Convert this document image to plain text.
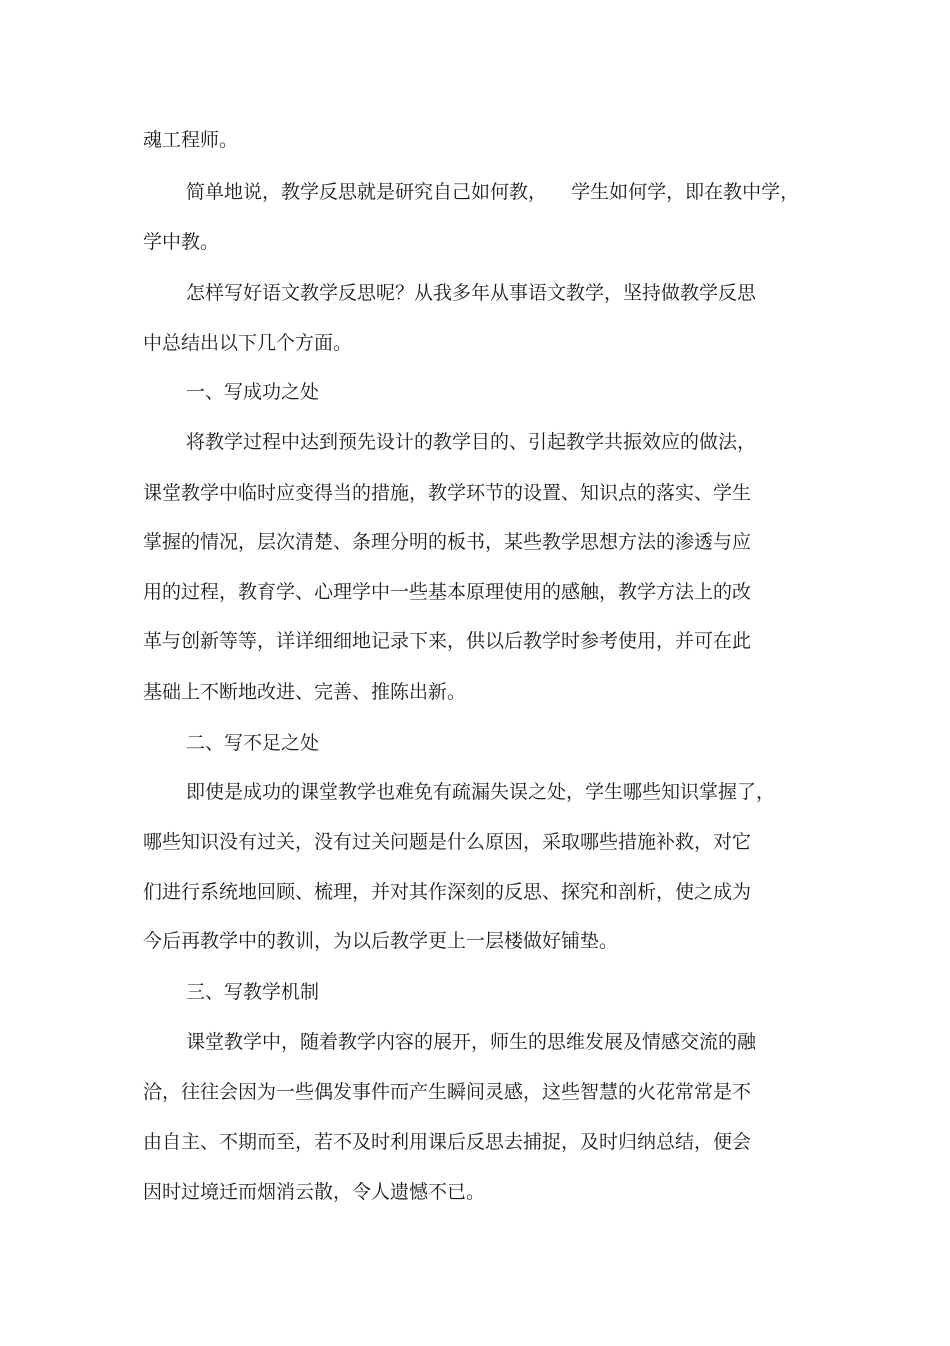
魂工程师。
简单地说，教学反思就是研究自己如何教，    学生如何学，即在教中学，
学中教。
怎样写好语文教学反思呢？从我多年从事语文教学，坚持做教学反思
中总结出以下几个方面。
一、写成功之处
将教学过程中达到预先设计的教学目的、引起教学共振效应的做法，
课堂教学中临时应变得当的措施，教学环节的设置、知识点的落实、学生
掌握的情况，层次清楚、条理分明的板书，某些教学思想方法的渗透与应
用的过程，教育学、心理学中一些基本原理使用的感触，教学方法上的改
革与创新等等，详详细细地记录下来，供以后教学时参考使用，并可在此
基础上不断地改进、完善、推陈出新。
二、写不足之处
即使是成功的课堂教学也难免有疏漏失误之处，学生哪些知识掌握了，
哪些知识没有过关，没有过关问题是什么原因，采取哪些措施补救，对它
们进行系统地回顾、梳理，并对其作深刻的反思、探究和剖析，使之成为
今后再教学中的教训，为以后教学更上一层楼做好铺垫。
三、写教学机制
课堂教学中，随着教学内容的展开，师生的思维发展及情感交流的融
洽，往往会因为一些偶发事件而产生瞬间灵感，这些智慧的火花常常是不
由自主、不期而至，若不及时利用课后反思去捕捉，及时归纳总结，便会
因时过境迁而烟消云散，令人遗憾不已。
